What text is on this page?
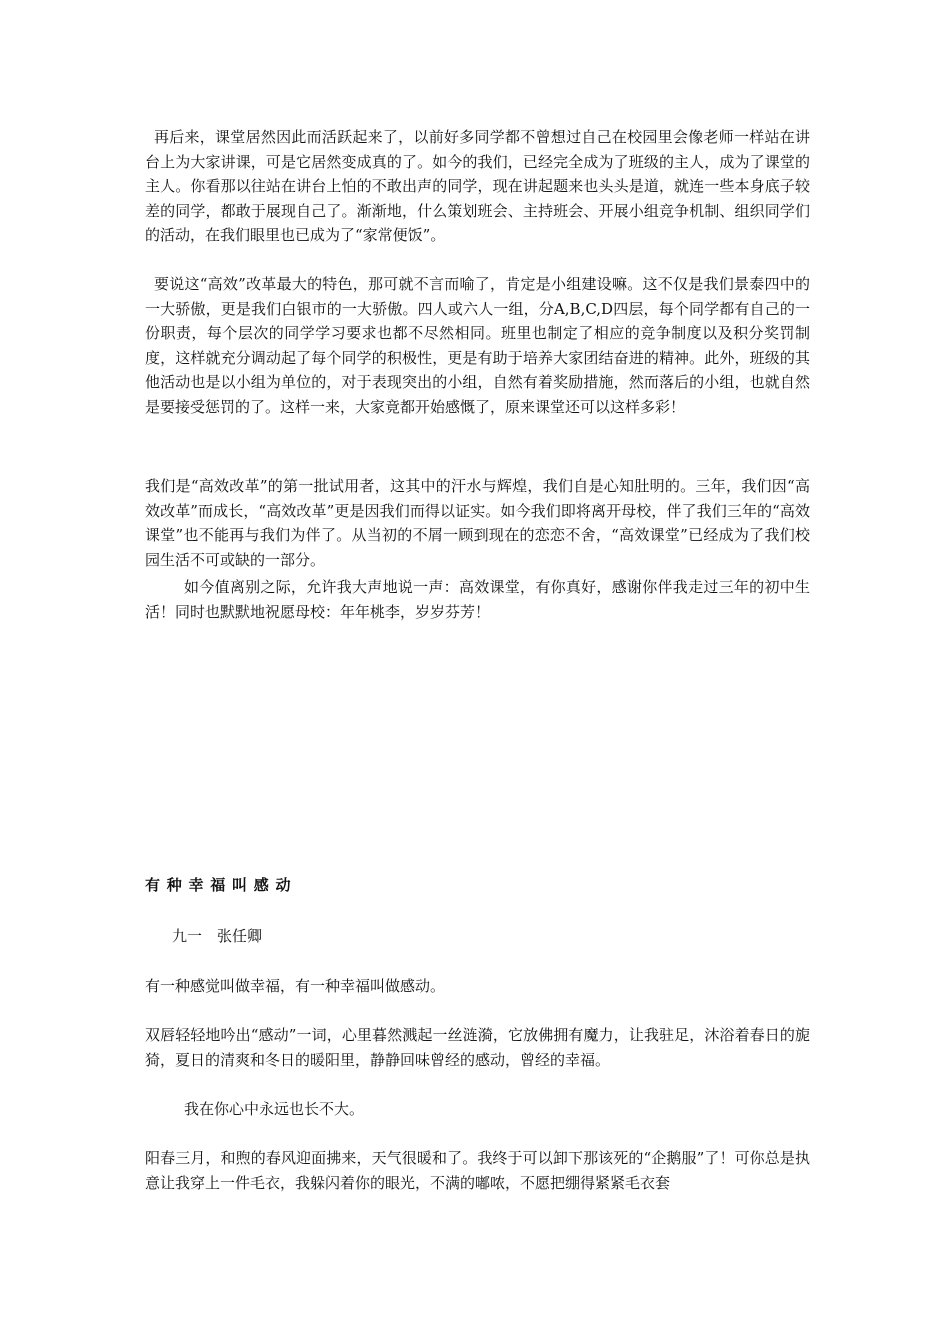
再后来，课堂居然因此而活跃起来了，以前好多同学都不曾想过自己在校园里会像老师一样站在讲台上为大家讲课，可是它居然变成真的了。如今的我们，已经完全成为了班级的主人，成为了课堂的主人。你看那以往站在讲台上怕的不敢出声的同学，现在讲起题来也头头是道，就连一些本身底子较差的同学，都敢于展现自己了。渐渐地，什么策划班会、主持班会、开展小组竞争机制、组织同学们的活动，在我们眼里也已成为了“家常便饭”。

要说这“高效”改革最大的特色，那可就不言而喻了，肯定是小组建设嘛。这不仅是我们景泰四中的一大骄傲，更是我们白银市的一大骄傲。四人或六人一组，分A,B,C,D四层，每个同学都有自己的一份职责，每个层次的同学学习要求也都不尽然相同。班里也制定了相应的竞争制度以及积分奖罚制度，这样就充分调动起了每个同学的积极性，更是有助于培养大家团结奋进的精神。此外，班级的其他活动也是以小组为单位的，对于表现突出的小组，自然有着奖励措施，然而落后的小组，也就自然是要接受惩罚的了。这样一来，大家竟都开始感慨了，原来课堂还可以这样多彩！

我们是“高效改革”的第一批试用者，这其中的汗水与辉煌，我们自是心知肚明的。三年，我们因“高效改革”而成长，“高效改革”更是因我们而得以证实。如今我们即将离开母校，伴了我们三年的“高效课堂”也不能再与我们为伴了。从当初的不屑一顾到现在的恋恋不舍，“高效课堂”已经成为了我们校园生活不可或缺的一部分。

如今值离别之际，允许我大声地说一声：高效课堂，有你真好，感谢你伴我走过三年的初中生活！同时也默默地祝愿母校：年年桃李，岁岁芬芳！

有种幸福叫感动

九一　张任卿

有一种感觉叫做幸福，有一种幸福叫做感动。

双唇轻轻地吟出“感动”一词，心里暮然溅起一丝涟漪，它放佛拥有魔力，让我驻足，沐浴着春日的旎猗，夏日的清爽和冬日的暖阳里，静静回味曾经的感动，曾经的幸福。

我在你心中永远也长不大。

阳春三月，和煦的春风迎面拂来，天气很暖和了。我终于可以卸下那该死的“企鹅服”了！可你总是执意让我穿上一件毛衣，我躲闪着你的眼光，不满的嘟哝，不愿把绷得紧紧毛衣套
